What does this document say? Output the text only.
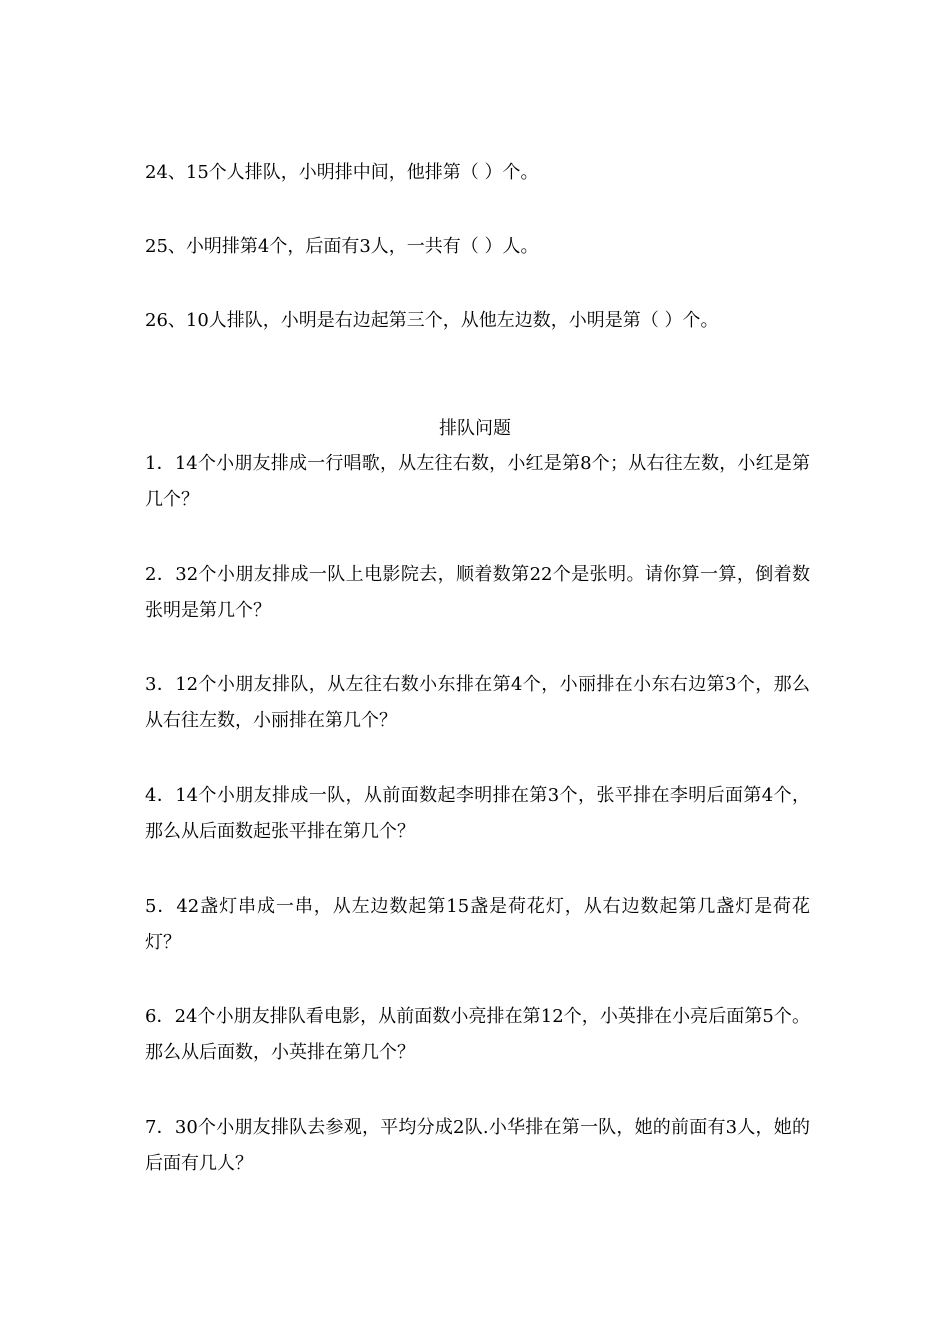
24、15个人排队，小明排中间，他排第（ ）个。
25、小明排第4个，后面有3人，一共有（ ）人。
26、10人排队，小明是右边起第三个，从他左边数，小明是第（ ）个。
排队问题
1．14个小朋友排成一行唱歌，从左往右数，小红是第8个；从右往左数，小红是第几个？
2．32个小朋友排成一队上电影院去，顺着数第22个是张明。请你算一算，倒着数张明是第几个？
3．12个小朋友排队，从左往右数小东排在第4个，小丽排在小东右边第3个，那么从右往左数，小丽排在第几个？
4．14个小朋友排成一队，从前面数起李明排在第3个，张平排在李明后面第4个，那么从后面数起张平排在第几个？
5．42盏灯串成一串，从左边数起第15盏是荷花灯，从右边数起第几盏灯是荷花灯？
6．24个小朋友排队看电影，从前面数小亮排在第12个，小英排在小亮后面第5个。那么从后面数，小英排在第几个？
7．30个小朋友排队去参观，平均分成2队.小华排在第一队，她的前面有3人，她的后面有几人？
